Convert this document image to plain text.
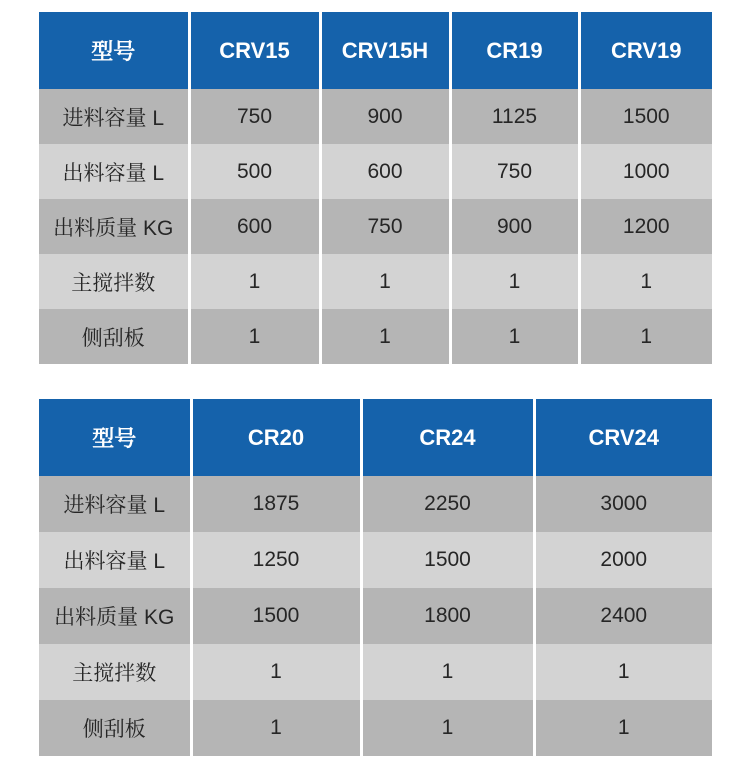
型号	CRV15	CRV15H	CR19	CRV19
进料容量 L	750	900	1125	1500
出料容量 L	500	600	750	1000
出料质量 KG	600	750	900	1200
主搅拌数	1	1	1	1
侧刮板	1	1	1	1
型号	CR20	CR24	CRV24
进料容量 L	1875	2250	3000
出料容量 L	1250	1500	2000
出料质量 KG	1500	1800	2400
主搅拌数	1	1	1
侧刮板	1	1	1
